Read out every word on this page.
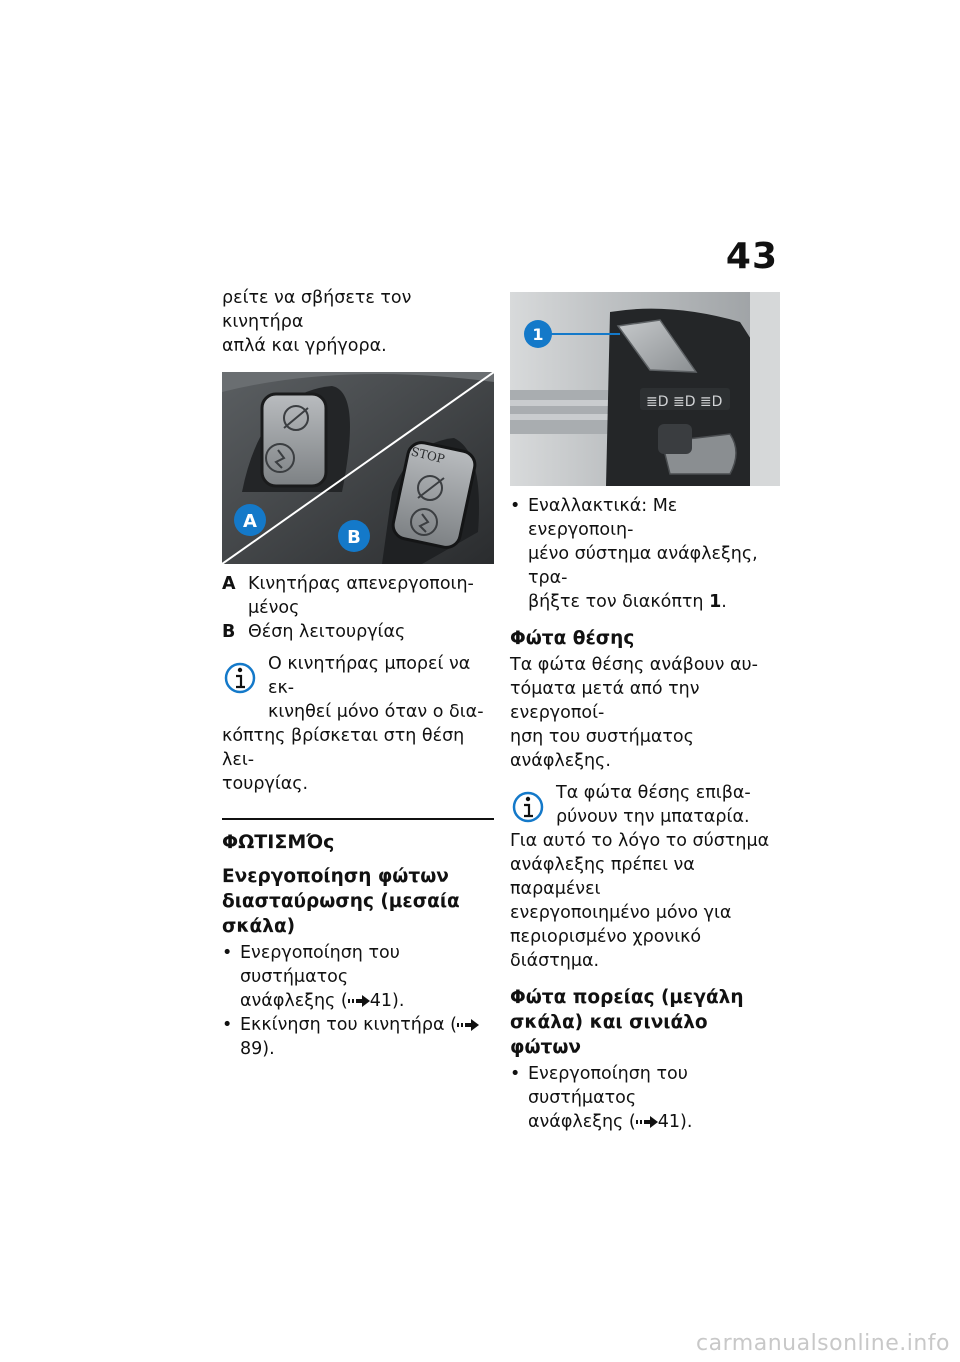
43

ρείτε να σβήσετε τον κινητήρα

απλά και γρήγορα.

STOP
A
B
A Κινητήρας απενεργοποιη-
μένος
B Θέση λειτουργίας

Ο κινητήρας μπορεί να εκ-

κινηθεί μόνο όταν ο δια-

κόπτης βρίσκεται στη θέση λει-

τουργίας.

ΦΩΤΙΣΜΌς
Ενεργοποίηση φώτων
διασταύρωσης (μεσαία
σκάλα)

• Ενεργοποίηση του συστήματος

ανάφλεξης ( 41).

• Εκκίνηση του κινητήρα (89).

≣D ≣D ≣D
1

• Εναλλακτικά: Με ενεργοποιη-

μένο σύστημα ανάφλεξης, τρα-

βήξτε τον διακόπτη 1.

Φώτα θέσης

Τα φώτα θέσης ανάβουν αυ-

τόματα μετά από την ενεργοποί-

ηση του συστήματος ανάφλεξης.

Τα φώτα θέσης επιβα-

ρύνουν την μπαταρία.

Για αυτό το λόγο το σύστημα

ανάφλεξης πρέπει να παραμένει

ενεργοποιημένο μόνο για

περιορισμένο χρονικό διάστημα.

Φώτα πορείας (μεγάλη
σκάλα) και σινιάλο φώτων

• Ενεργοποίηση του συστήματος

ανάφλεξης ( 41).

carmanualsonline.info
